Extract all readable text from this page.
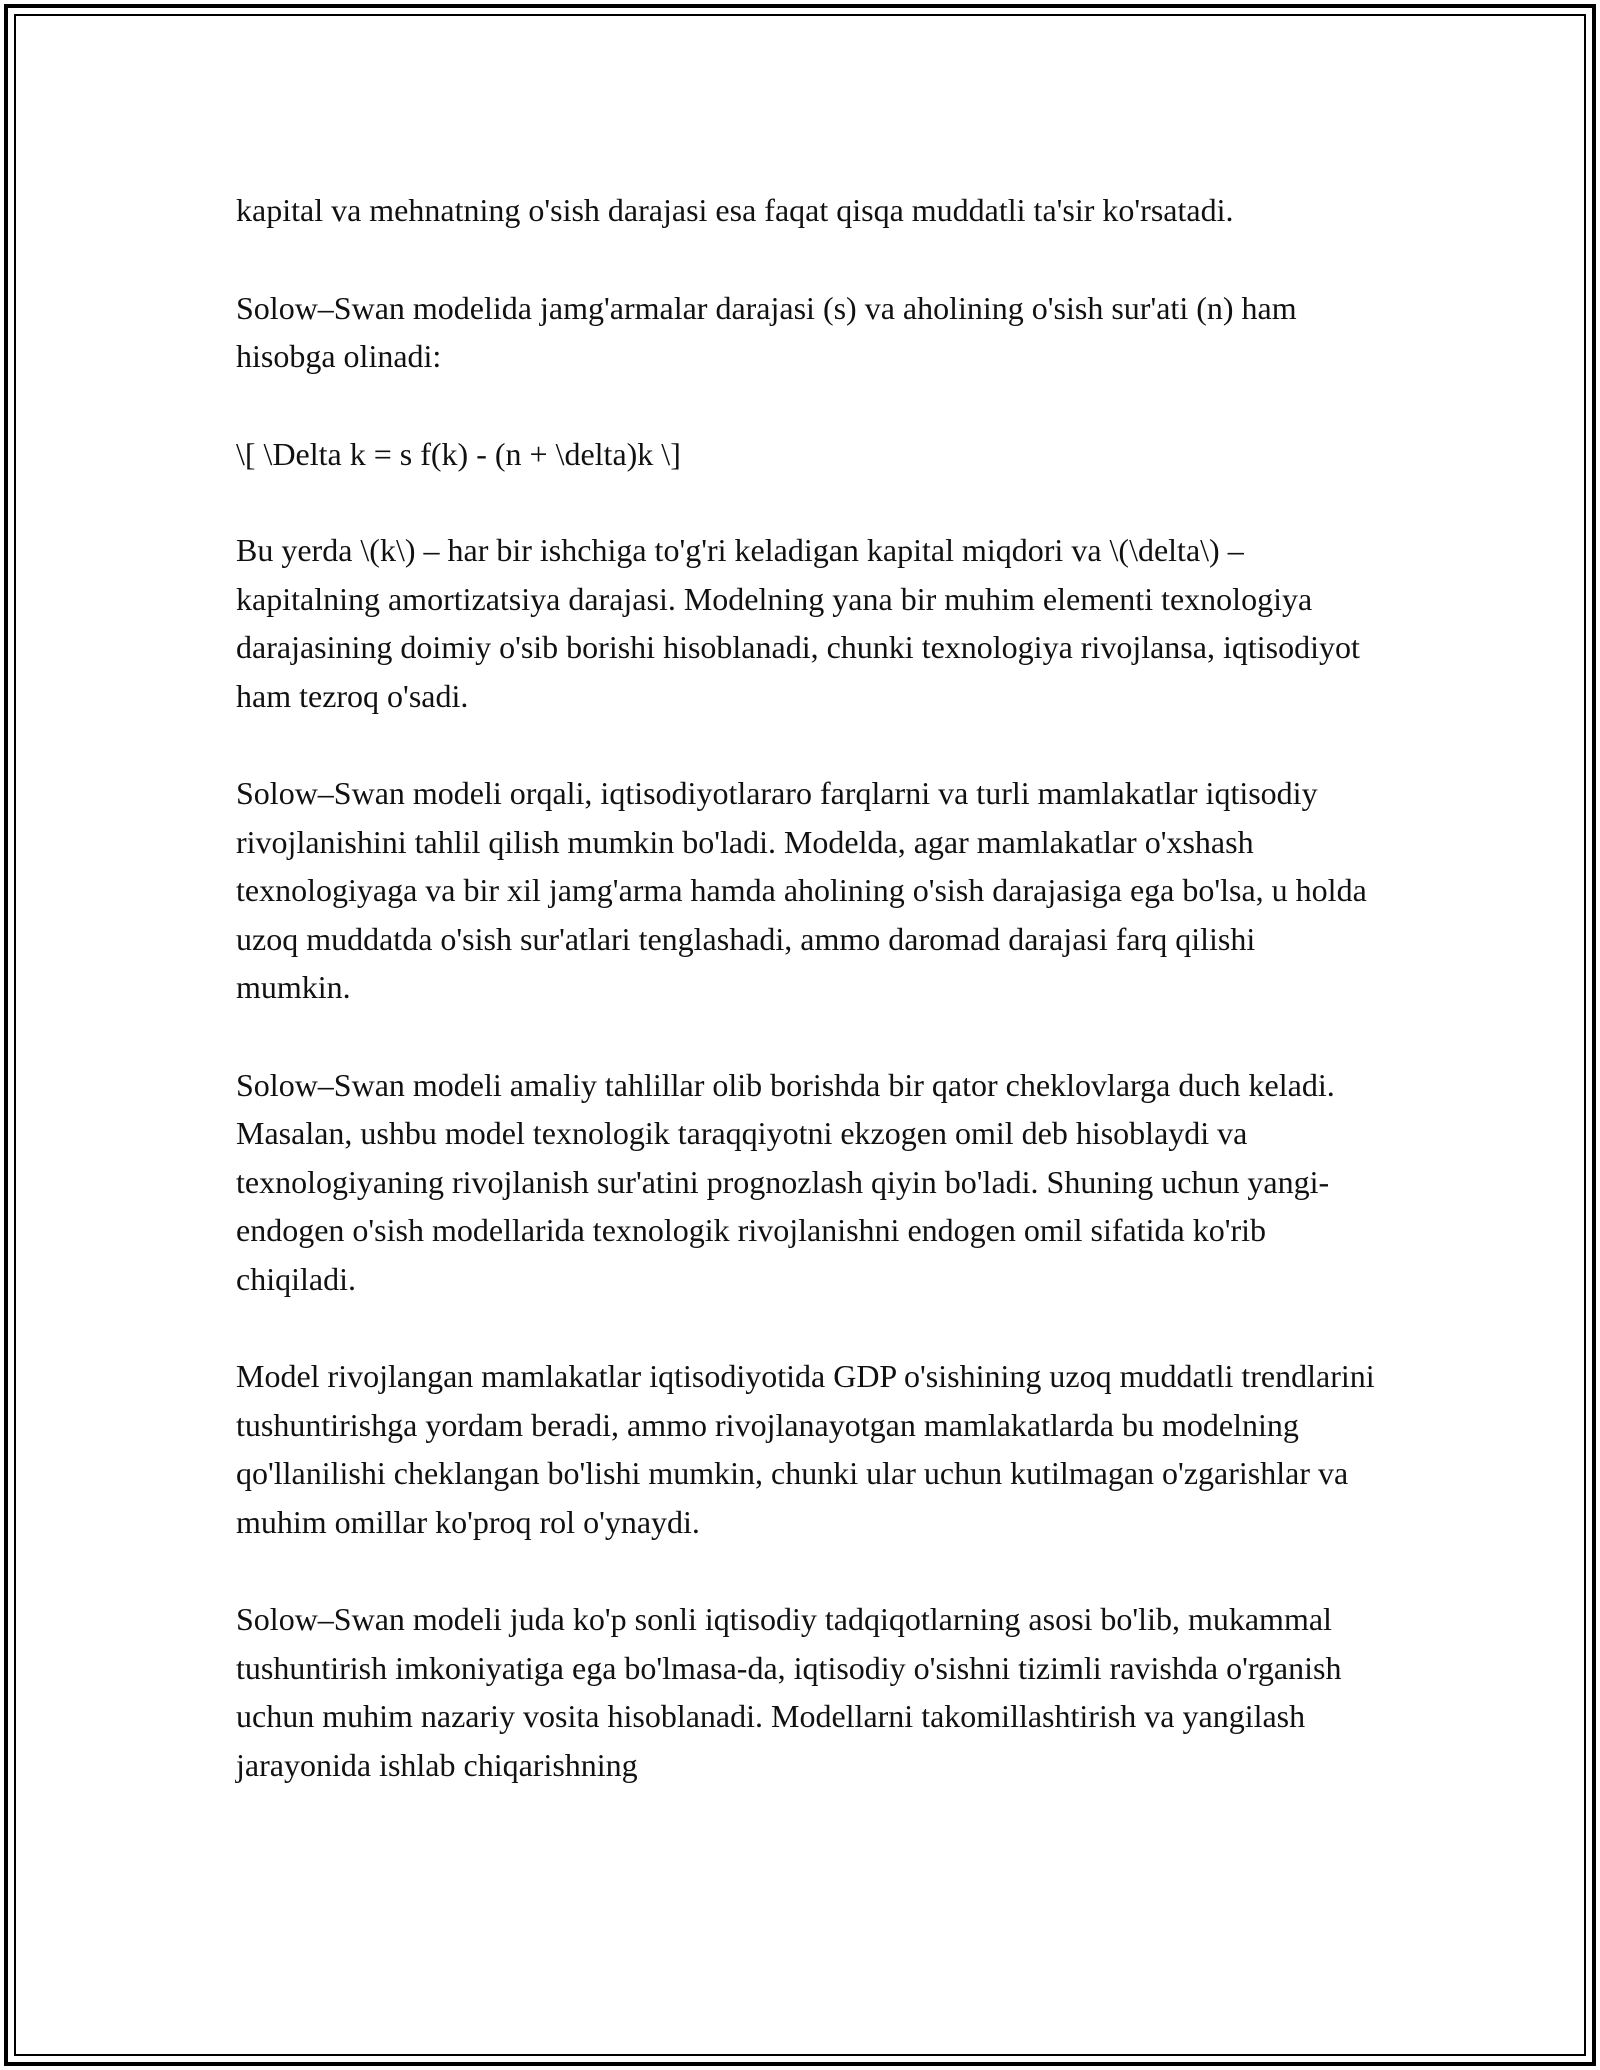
kapital va mehnatning o'sish darajasi esa faqat qisqa muddatli ta'sir ko'rsatadi.

Solow–Swan modelida jamg'armalar darajasi (s) va aholining o'sish sur'ati (n) ham hisobga olinadi:

\[ \Delta k = s f(k) - (n + \delta)k \]

Bu yerda \(k\) – har bir ishchiga to'g'ri keladigan kapital miqdori va \(\delta\) – kapitalning amortizatsiya darajasi. Modelning yana bir muhim elementi texnologiya darajasining doimiy o'sib borishi hisoblanadi, chunki texnologiya rivojlansa, iqtisodiyot ham tezroq o'sadi.

Solow–Swan modeli orqali, iqtisodiyotlararo farqlarni va turli mamlakatlar iqtisodiy rivojlanishini tahlil qilish mumkin bo'ladi. Modelda, agar mamlakatlar o'xshash texnologiyaga va bir xil jamg'arma hamda aholining o'sish darajasiga ega bo'lsa, u holda uzoq muddatda o'sish sur'atlari tenglashadi, ammo daromad darajasi farq qilishi mumkin.

Solow–Swan modeli amaliy tahlillar olib borishda bir qator cheklovlarga duch keladi. Masalan, ushbu model texnologik taraqqiyotni ekzogen omil deb hisoblaydi va texnologiyaning rivojlanish sur'atini prognozlash qiyin bo'ladi. Shuning uchun yangi-endogen o'sish modellarida texnologik rivojlanishni endogen omil sifatida ko'rib chiqiladi.

Model rivojlangan mamlakatlar iqtisodiyotida GDP o'sishining uzoq muddatli trendlarini tushuntirishga yordam beradi, ammo rivojlanayotgan mamlakatlarda bu modelning qo'llanilishi cheklangan bo'lishi mumkin, chunki ular uchun kutilmagan o'zgarishlar va muhim omillar ko'proq rol o'ynaydi.

Solow–Swan modeli juda ko'p sonli iqtisodiy tadqiqotlarning asosi bo'lib, mukammal tushuntirish imkoniyatiga ega bo'lmasa-da, iqtisodiy o'sishni tizimli ravishda o'rganish uchun muhim nazariy vosita hisoblanadi. Modellarni takomillashtirish va yangilash jarayonida ishlab chiqarishning
